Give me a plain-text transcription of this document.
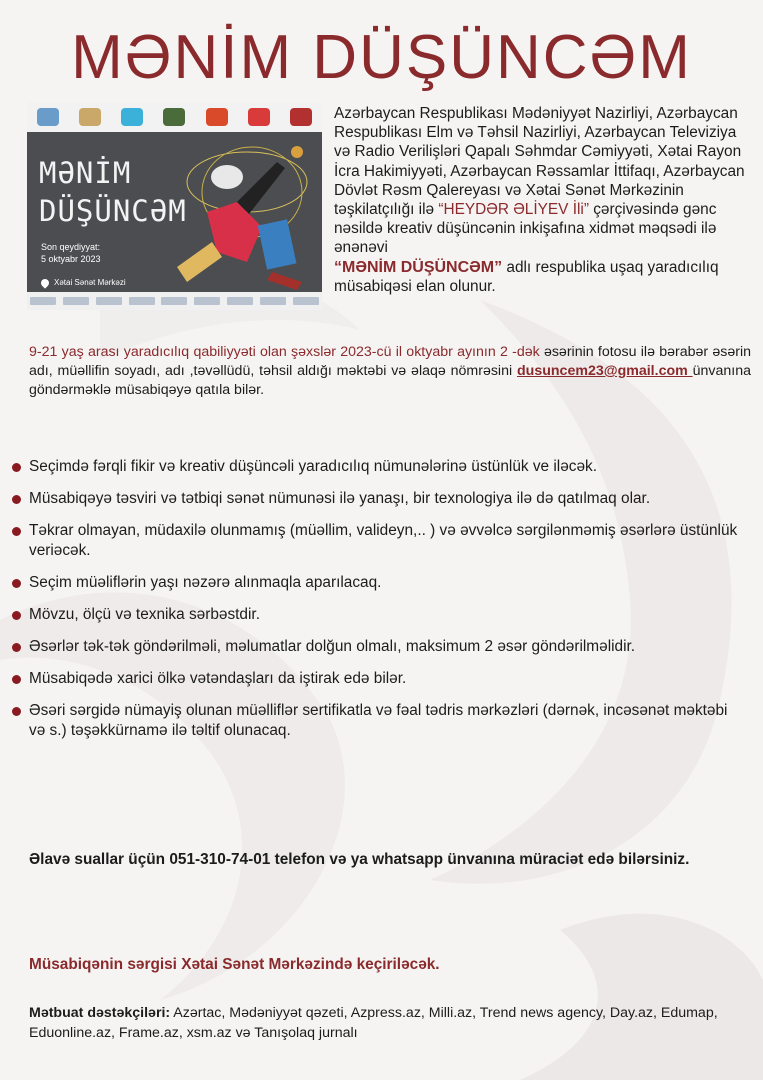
MƏNİM DÜŞÜNCƏM
MƏNİM
DÜŞÜNCƏM
Son qeydiyyat:
5 oktyabr 2023
Xətai Sənət Mərkəzi
Azərbaycan Respublikası Mədəniyyət Nazirliyi, Azərbaycan Respublikası Elm və Təhsil Nazirliyi, Azərbaycan Televiziya və Radio Verilişləri Qapalı Səhmdar Cəmiyyəti, Xətai Rayon İcra Hakimiyyəti, Azərbaycan Rəssamlar İttifaqı, Azərbaycan Dövlət Rəsm Qalereyası və Xətai Sənət Mərkəzinin təşkilatçılığı ilə “HEYDƏR ƏLİYEV İli” çərçivəsində gənc nəsildə kreativ düşüncənin inkişafına xidmət məqsədi ilə ənənəvi
“MƏNİM DÜŞÜNCƏM” adlı respublika uşaq yaradıcılıq müsabiqəsi elan olunur.
9-21 yaş arası yaradıcılıq qabiliyyəti olan şəxslər 2023-cü il oktyabr ayının 2 -dək əsərinin fotosu ilə bərabər əsərin adı, müəllifin soyadı, adı ,təvəllüdü, təhsil aldığı məktəbi və əlaqə nömrəsini dusuncem23@gmail.com ünvanına göndərməklə müsabiqəyə qatıla bilər.
Seçimdə fərqli fikir və kreativ düşüncəli yaradıcılıq nümunələrinə üstünlük ve iləcək.
Müsabiqəyə təsviri və tətbiqi sənət nümunəsi ilə yanaşı, bir texnologiya ilə də qatılmaq olar.
Təkrar olmayan, müdaxilə olunmamış (müəllim, valideyn,.. ) və əvvəlcə sərgilənməmiş əsərlərə üstünlük veriəcək.
Seçim müəliflərin yaşı nəzərə alınmaqla aparılacaq.
Mövzu, ölçü və texnika sərbəstdir.
Əsərlər tək-tək göndərilməli, məlumatlar dolğun olmalı, maksimum 2 əsər göndərilməlidir.
Müsabiqədə xarici ölkə vətəndaşları da iştirak edə bilər.
Əsəri sərgidə nümayiş olunan müəlliflər sertifikatla və fəal tədris mərkəzləri (dərnək, incəsənət məktəbi və s.) təşəkkürnamə ilə təltif olunacaq.
Əlavə suallar üçün 051-310-74-01 telefon və ya whatsapp ünvanına müraciət edə bilərsiniz.
Müsabiqənin sərgisi Xətai Sənət Mərkəzində keçiriləcək.
Mətbuat dəstəkçiləri: Azərtac, Mədəniyyət qəzeti, Azpress.az, Milli.az, Trend news agency, Day.az, Edumap, Eduonline.az, Frame.az, xsm.az və Tanışolaq jurnalı
